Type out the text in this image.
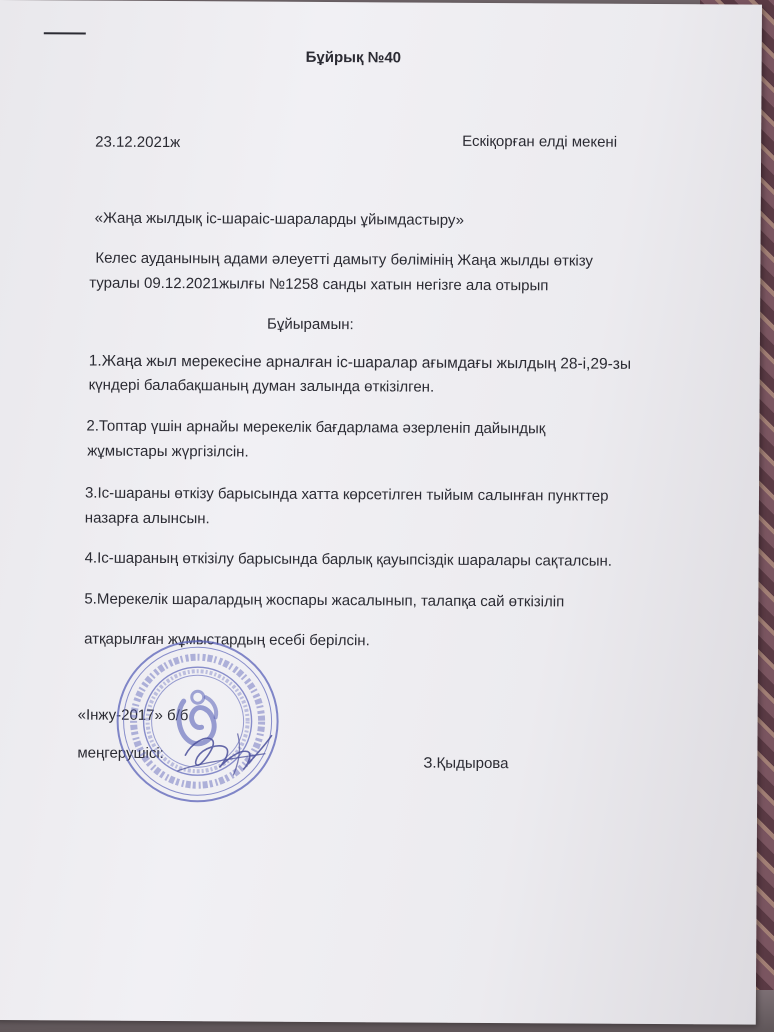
Бұйрық №40
23.12.2021ж	Ескіқорған елді мекені
«Жаңа жылдық іс-шараіс-шараларды ұйымдастыру»
Келес ауданының адами әлеуетті дамыту бөлімінің Жаңа жылды өткізу
туралы 09.12.2021жылғы №1258 санды хатын негізге ала отырып
Бұйырамын:
1.Жаңа жыл мерекесіне арналған іс-шаралар ағымдағы жылдың 28-і,29-зы
күндері балабақшаның думан залында өткізілген.
2.Топтар үшін арнайы мерекелік бағдарлама әзерленіп дайындық
жұмыстары жүргізілсін.
3.Іс-шараны өткізу барысында хатта көрсетілген тыйым салынған пункттер
назарға алынсын.
4.Іс-шараның өткізілу барысында барлық қауыпсіздік шаралары сақталсын.
5.Мерекелік шаралардың жоспары жасалынып, талапқа сай өткізіліп
атқарылған жұмыстардың есебі берілсін.
«Інжу-2017» б/б
меңгерушісі:
З.Қыдырова
